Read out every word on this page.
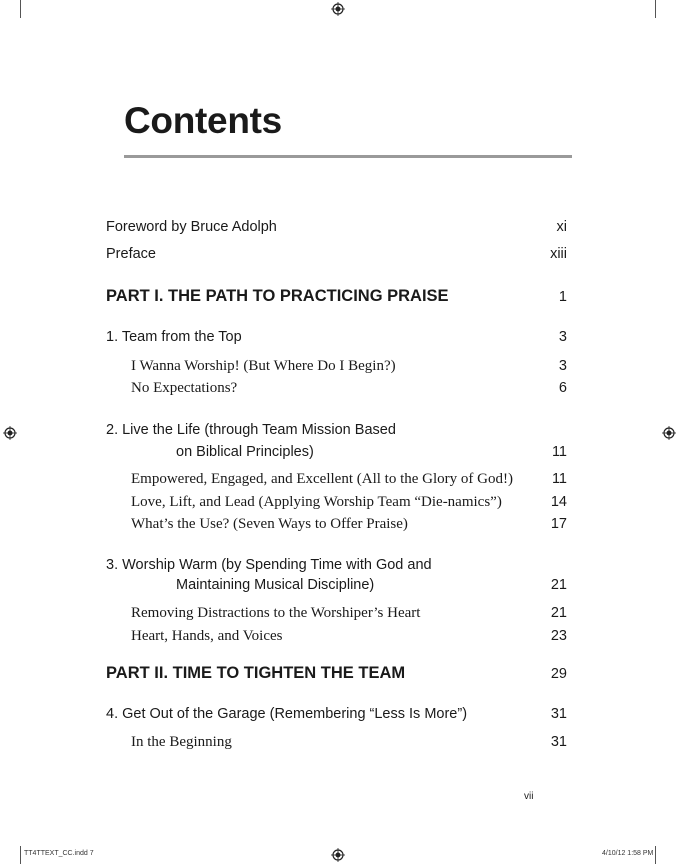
Contents
Foreword by Bruce Adolph	xi
Preface	xiii
PART I. THE PATH TO PRACTICING PRAISE	1
1. Team from the Top	3
I Wanna Worship! (But Where Do I Begin?)	3
No Expectations?	6
2. Live the Life (through Team Mission Based
on Biblical Principles)	11
Empowered, Engaged, and Excellent (All to the Glory of God!)	11
Love, Lift, and Lead (Applying Worship Team “Die-namics”)	14
What’s the Use? (Seven Ways to Offer Praise)	17
3. Worship Warm (by Spending Time with God and
Maintaining Musical Discipline)	21
Removing Distractions to the Worshiper’s Heart	21
Heart, Hands, and Voices	23
PART II. TIME TO TIGHTEN THE TEAM	29
4. Get Out of the Garage (Remembering “Less Is More”)	31
In the Beginning	31
vii
TT4TTEXT_CC.indd 7	4/10/12 1:58 PM
